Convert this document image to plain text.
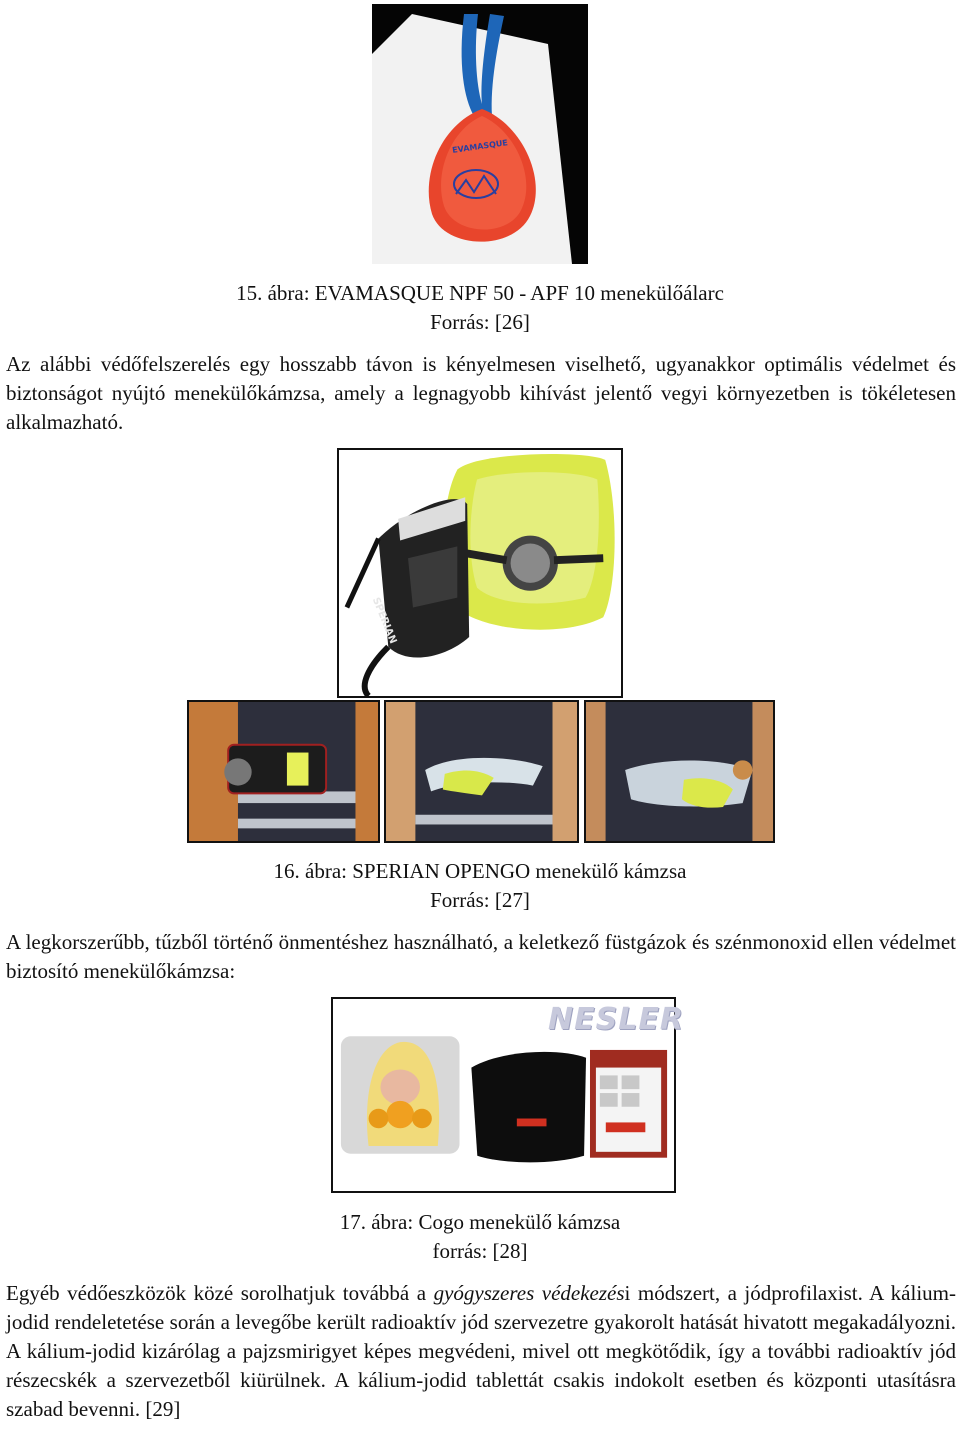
EVAMASQUE
15. ábra: EVAMASQUE NPF 50 - APF 10 menekülőálarc
Forrás: [26]

Az alábbi védőfelszerelés egy hosszabb távon is kényelmesen viselhető, ugyanakkor optimális védelmet és biztonságot nyújtó menekülőkámzsa, amely a legnagyobb kihívást jelentő vegyi környezetben is tökéletesen alkalmazható.

SPERIAN
16. ábra: SPERIAN OPENGO menekülő kámzsa
Forrás: [27]

A legkorszerűbb, tűzből történő önmentéshez használható, a keletkező füstgázok és szénmonoxid ellen védelmet biztosító menekülőkámzsa:

NESLER
17. ábra: Cogo menekülő kámzsa
forrás: [28]

Egyéb védőeszközök közé sorolhatjuk továbbá a gyógyszeres védekezési módszert, a jódprofilaxist. A kálium-jodid rendeletetése során a levegőbe került radioaktív jód szervezetre gyakorolt hatását hivatott megakadályozni. A kálium-jodid kizárólag a pajzsmirigyet képes megvédeni, mivel ott megkötődik, így a további radioaktív jód részecskék a szervezetből kiürülnek. A kálium-jodid tablettát csakis indokolt esetben és központi utasításra szabad bevenni. [29]
